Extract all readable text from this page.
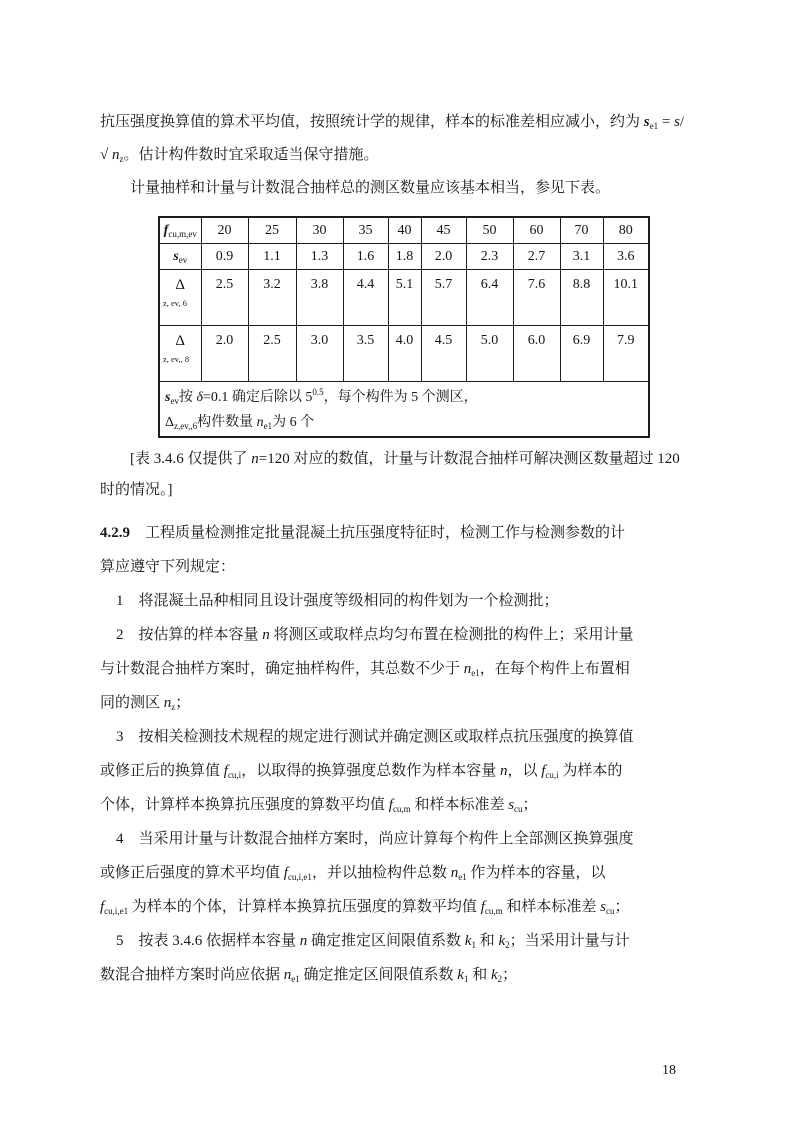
抗压强度换算值的算术平均值，按照统计学的规律，样本的标准差相应减小，约为 $s_{e1} = s/$
√ $n_z$。估计构件数时宜采取适当保守措施。
计量抽样和计量与计数混合抽样总的测区数量应该基本相当，参见下表。
$f_{cu,m,ev}$	20	25	30	35	40	45	50	60	70	80
$s_{ev}$	0.9	1.1	1.3	1.6	1.8	2.0	2.3	2.7	3.1	3.6

Δ
z, ev, 6	2.5	3.2	3.8	4.4	5.1	5.7	6.4	7.6	8.8	10.1

Δ
z, ev,, 8	2.0	2.5	3.0	3.5	4.0	4.5	5.0	6.0	6.9	7.9

$s_{ev}$按 δ=0.1 确定后除以 $5^{0.5}$，每个构件为 5 个测区，
$\Delta_{z,ev,,6}$构件数量 $n_{e1}$为 6 个										
[表 3.4.6 仅提供了 n=120 对应的数值，计量与计数混合抽样可解决测区数量超过 120
时的情况。]
4.2.9　工程质量检测推定批量混凝土抗压强度特征时，检测工作与检测参数的计
算应遵守下列规定：
1　将混凝土品种相同且设计强度等级相同的构件划为一个检测批；
2　按估算的样本容量 n 将测区或取样点均匀布置在检测批的构件上；采用计量
与计数混合抽样方案时，确定抽样构件，其总数不少于 $n_{e1}$，在每个构件上布置相
同的测区 $n_z$；
3　按相关检测技术规程的规定进行测试并确定测区或取样点抗压强度的换算值
或修正后的换算值 $f_{cu,i}$，以取得的换算强度总数作为样本容量 n，以 $f_{cu,i}$ 为样本的
个体，计算样本换算抗压强度的算数平均值 $f_{cu,m}$ 和样本标准差 $s_{cu}$；
4　当采用计量与计数混合抽样方案时，尚应计算每个构件上全部测区换算强度
或修正后强度的算术平均值 $f_{cu,i,e1}$，并以抽检构件总数 $n_{e1}$ 作为样本的容量，以
$f_{cu,i,e1}$ 为样本的个体，计算样本换算抗压强度的算数平均值 $f_{cu,m}$ 和样本标准差 $s_{cu}$；
5　按表 3.4.6 依据样本容量 n 确定推定区间限值系数 $k_1$ 和 $k_2$；当采用计量与计
数混合抽样方案时尚应依据 $n_{e1}$ 确定推定区间限值系数 $k_1$ 和 $k_2$；
18
